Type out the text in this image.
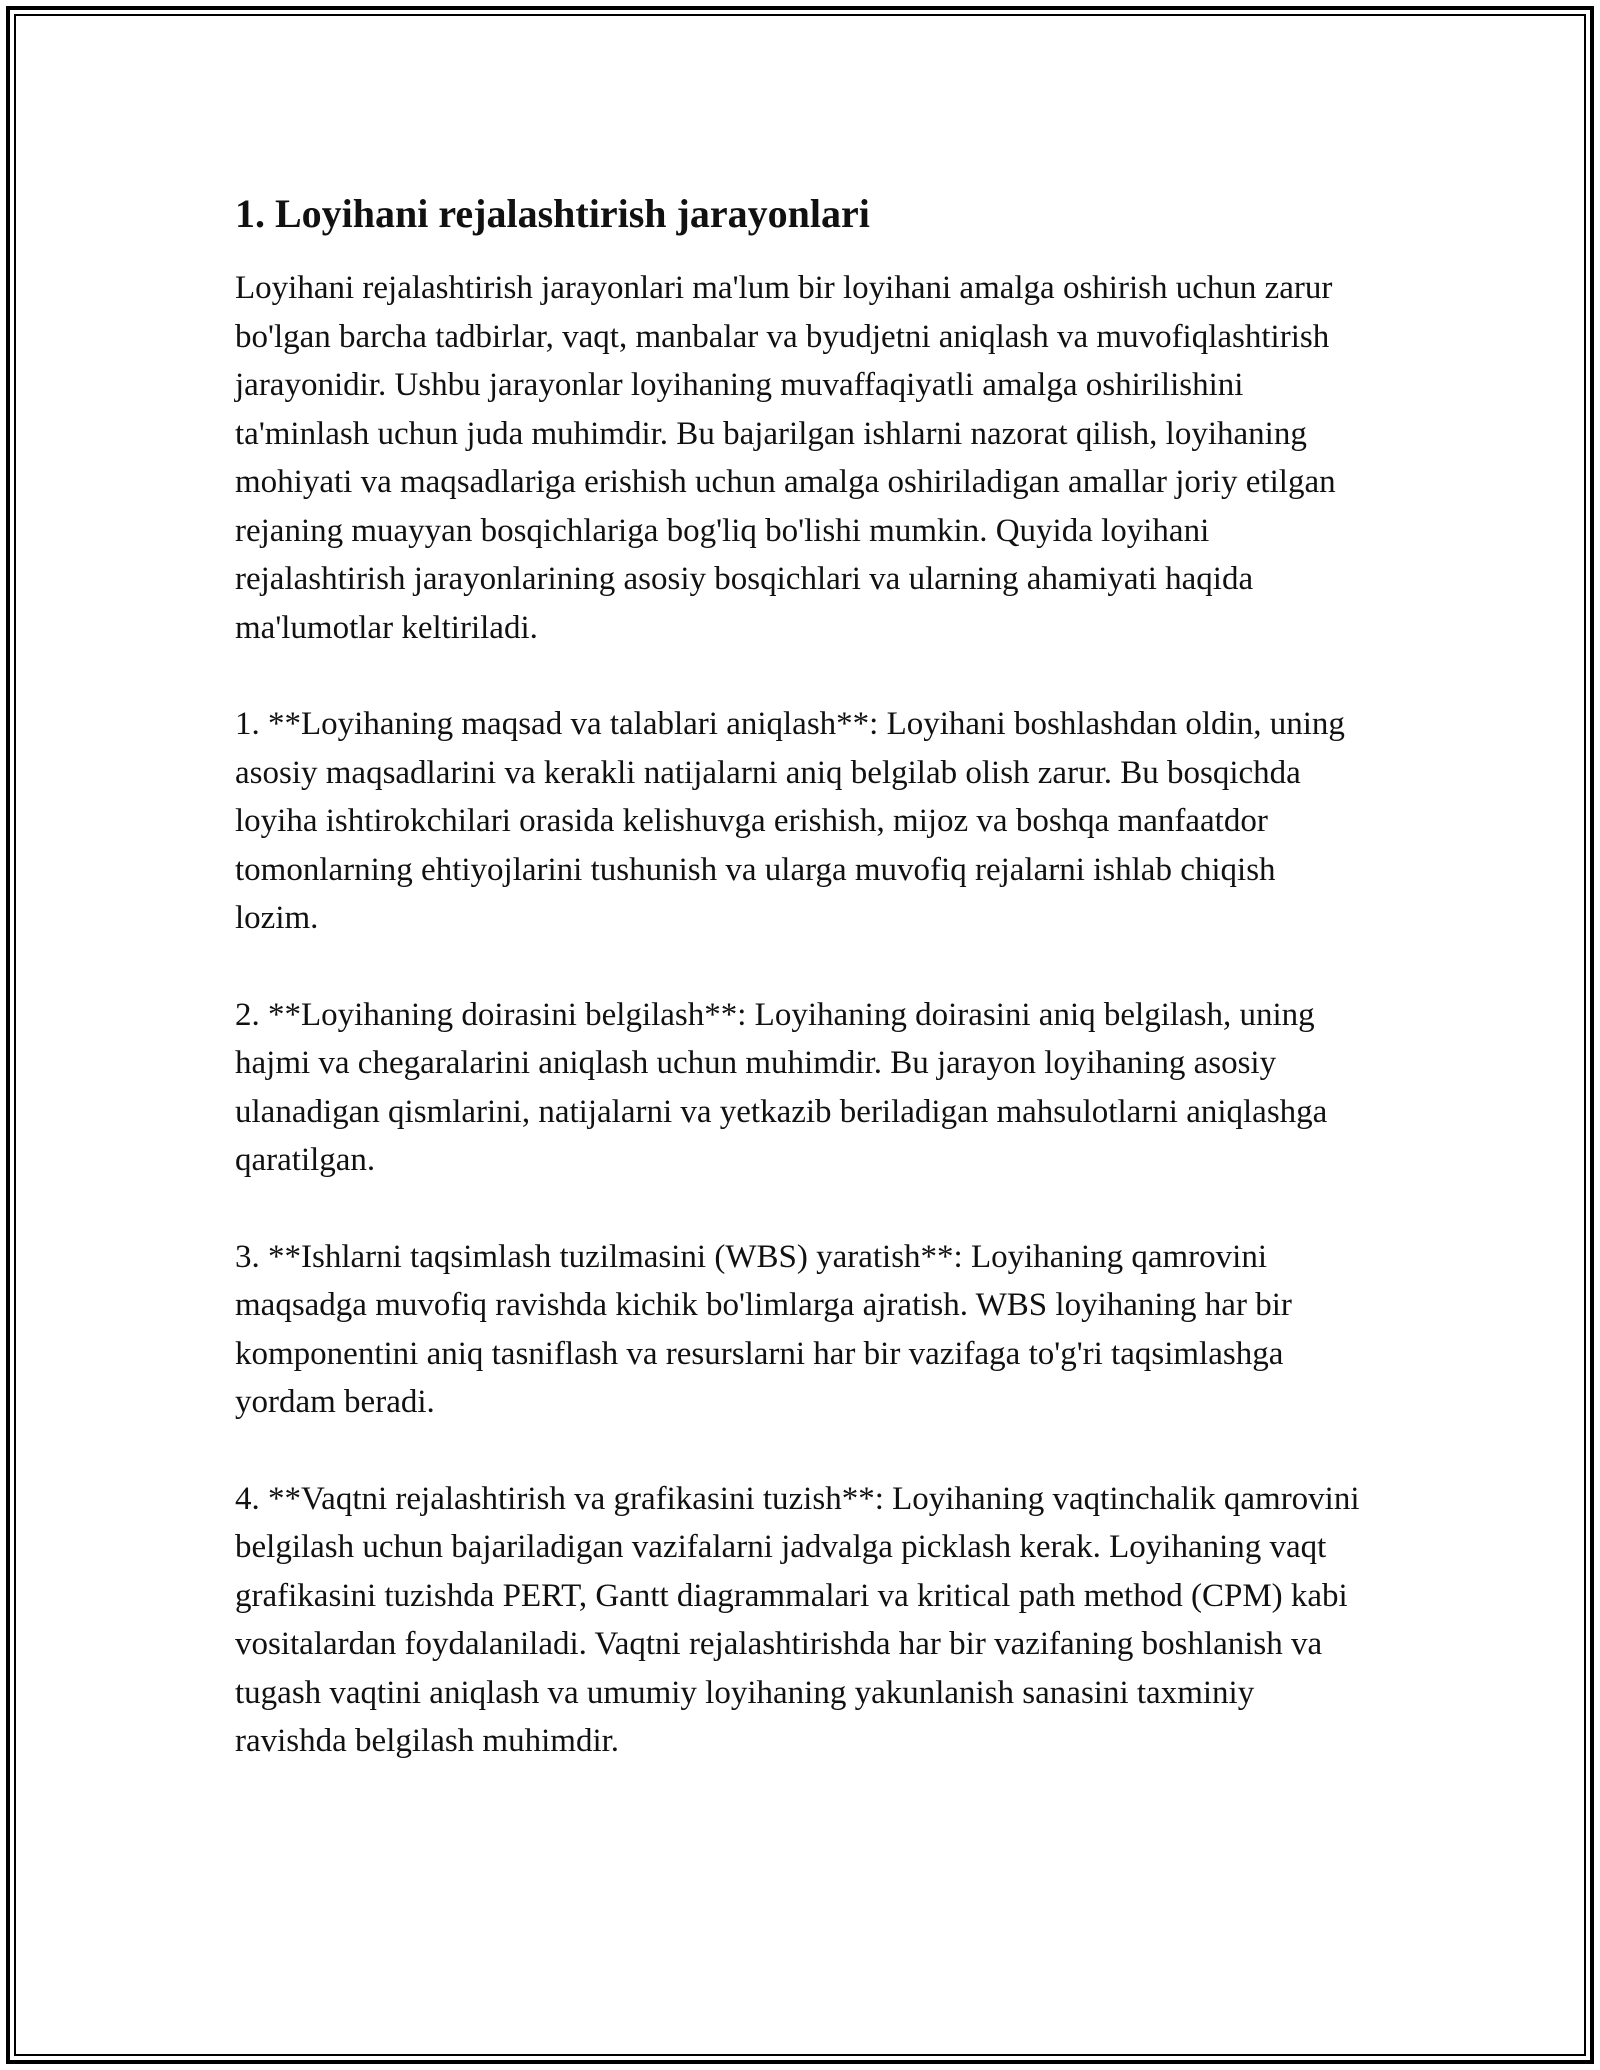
1. Loyihani rejalashtirish jarayonlari

Loyihani rejalashtirish jarayonlari ma'lum bir loyihani amalga oshirish uchun zarur bo'lgan barcha tadbirlar, vaqt, manbalar va byudjetni aniqlash va muvofiqlashtirish jarayonidir. Ushbu jarayonlar loyihaning muvaffaqiyatli amalga oshirilishini ta'minlash uchun juda muhimdir. Bu bajarilgan ishlarni nazorat qilish, loyihaning mohiyati va maqsadlariga erishish uchun amalga oshiriladigan amallar joriy etilgan rejaning muayyan bosqichlariga bog'liq bo'lishi mumkin. Quyida loyihani rejalashtirish jarayonlarining asosiy bosqichlari va ularning ahamiyati haqida ma'lumotlar keltiriladi.

1. **Loyihaning maqsad va talablari aniqlash**: Loyihani boshlashdan oldin, uning asosiy maqsadlarini va kerakli natijalarni aniq belgilab olish zarur. Bu bosqichda loyiha ishtirokchilari orasida kelishuvga erishish, mijoz va boshqa manfaatdor tomonlarning ehtiyojlarini tushunish va ularga muvofiq rejalarni ishlab chiqish lozim.

2. **Loyihaning doirasini belgilash**: Loyihaning doirasini aniq belgilash, uning hajmi va chegaralarini aniqlash uchun muhimdir. Bu jarayon loyihaning asosiy ulanadigan qismlarini, natijalarni va yetkazib beriladigan mahsulotlarni aniqlashga qaratilgan.

3. **Ishlarni taqsimlash tuzilmasini (WBS) yaratish**: Loyihaning qamrovini maqsadga muvofiq ravishda kichik bo'limlarga ajratish. WBS loyihaning har bir komponentini aniq tasniflash va resurslarni har bir vazifaga to'g'ri taqsimlashga yordam beradi.

4. **Vaqtni rejalashtirish va grafikasini tuzish**: Loyihaning vaqtinchalik qamrovini belgilash uchun bajariladigan vazifalarni jadvalga picklash kerak. Loyihaning vaqt grafikasini tuzishda PERT, Gantt diagrammalari va kritical path method (CPM) kabi vositalardan foydalaniladi. Vaqtni rejalashtirishda har bir vazifaning boshlanish va tugash vaqtini aniqlash va umumiy loyihaning yakunlanish sanasini taxminiy ravishda belgilash muhimdir.
